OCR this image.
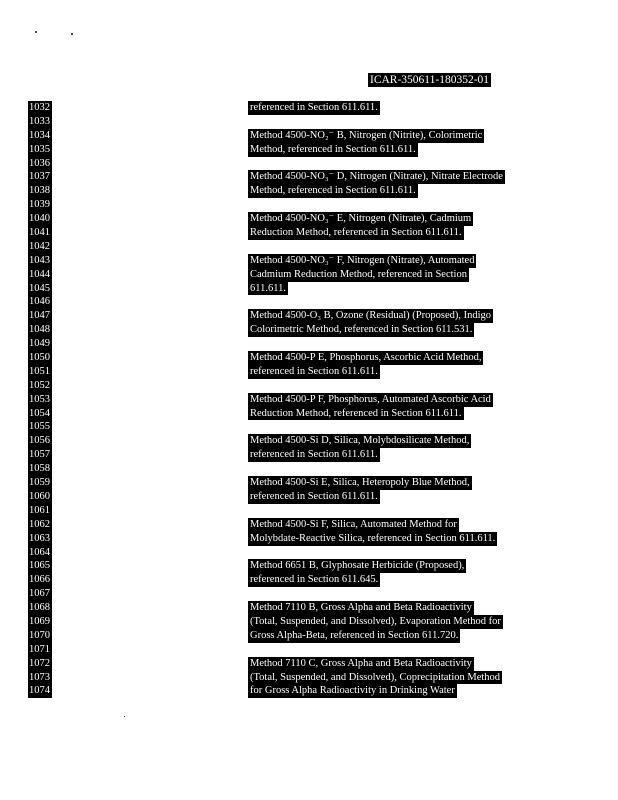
ICAR-350611-180352-01
1032	referenced in Section 611.611.
1033
1034	Method 4500-NO₂⁻ B, Nitrogen (Nitrite), Colorimetric
1035	Method, referenced in Section 611.611.
1036
1037	Method 4500-NO₃⁻ D, Nitrogen (Nitrate), Nitrate Electrode
1038	Method, referenced in Section 611.611.
1039
1040	Method 4500-NO₃⁻ E, Nitrogen (Nitrate), Cadmium
1041	Reduction Method, referenced in Section 611.611.
1042
1043	Method 4500-NO₃⁻ F, Nitrogen (Nitrate), Automated
1044	Cadmium Reduction Method, referenced in Section
1045	611.611.
1046
1047	Method 4500-O₃ B, Ozone (Residual) (Proposed), Indigo
1048	Colorimetric Method, referenced in Section 611.531.
1049
1050	Method 4500-P E, Phosphorus, Ascorbic Acid Method,
1051	referenced in Section 611.611.
1052
1053	Method 4500-P F, Phosphorus, Automated Ascorbic Acid
1054	Reduction Method, referenced in Section 611.611.
1055
1056	Method 4500-Si D, Silica, Molybdosilicate Method,
1057	referenced in Section 611.611.
1058
1059	Method 4500-Si E, Silica, Heteropoly Blue Method,
1060	referenced in Section 611.611.
1061
1062	Method 4500-Si F, Silica, Automated Method for
1063	Molybdate-Reactive Silica, referenced in Section 611.611.
1064
1065	Method 6651 B, Glyphosate Herbicide (Proposed),
1066	referenced in Section 611.645.
1067
1068	Method 7110 B, Gross Alpha and Beta Radioactivity
1069	(Total, Suspended, and Dissolved), Evaporation Method for
1070	Gross Alpha-Beta, referenced in Section 611.720.
1071
1072	Method 7110 C, Gross Alpha and Beta Radioactivity
1073	(Total, Suspended, and Dissolved), Coprecipitation Method
1074	for Gross Alpha Radioactivity in Drinking Water
